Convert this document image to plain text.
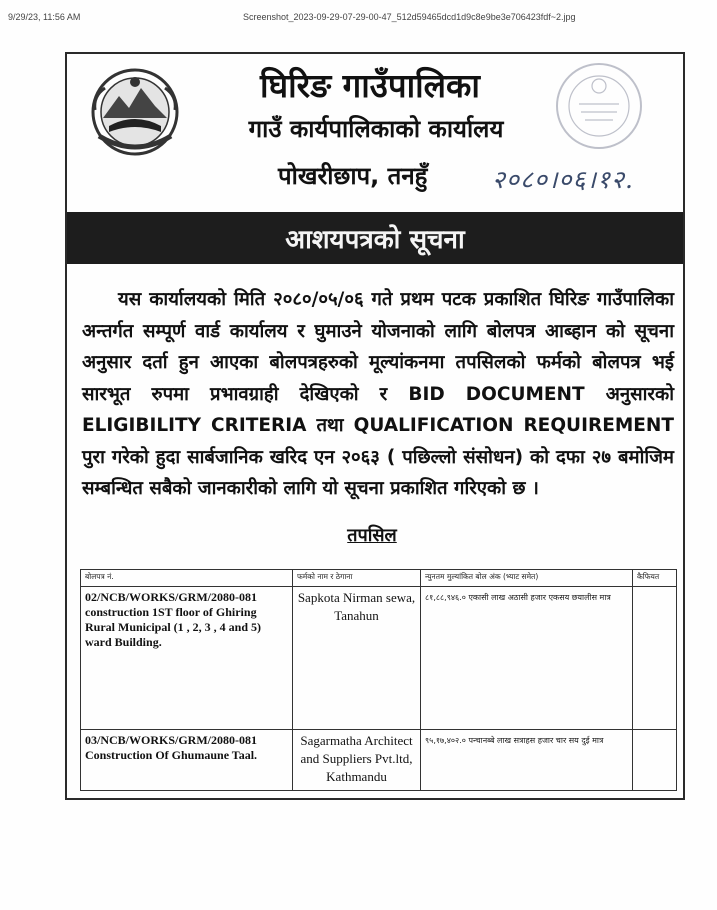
9/29/23, 11:56 AM	Screenshot_2023-09-29-07-29-00-47_512d59465dcd1d9c8e9be3e706423fdf~2.jpg
घिरिङ गाउँपालिका
गाउँ कार्यपालिकाको कार्यालय
पोखरीछाप, तनहुँ	२०८०।०६।१२.
आशयपत्रको सूचना
यस कार्यालयको मिति २०८०/०५/०६ गते प्रथम पटक प्रकाशित घिरिङ गाउँपालिका अन्तर्गत सम्पूर्ण वार्ड कार्यालय र घुमाउने योजनाको लागि बोलपत्र आब्हान को सूचना अनुसार दर्ता हुन आएका बोलपत्रहरुको मूल्यांकनमा तपसिलको फर्मको बोलपत्र भई सारभूत रुपमा प्रभावग्राही देखिएको र BID DOCUMENT अनुसारको ELIGIBILITY CRITERIA तथा QUALIFICATION REQUIREMENT पुरा गरेको हुदा सार्बजानिक खरिद एन २०६३ ( पछिल्लो संसोधन) को दफा २७ बमोजिम सम्बन्धित सबैको जानकारीको लागि यो सूचना प्रकाशित गरिएको छ ।
तपसिल
बोलपत्र नं.	फर्मको नाम र ठेगाना	न्युनतम मुल्यांकित बोल अंक (भ्याट समेत)	कैफियत

02/NCB/WORKS/GRM/2080-081
construction 1ST floor of Ghiring Rural Municipal (1 , 2, 3 , 4 and 5) ward Building.	Sapkota Nirman sewa, Tanahun	८१,८८,९४६.० एकासी लाख अठासी हजार एकसय छयालीस मात्र	

03/NCB/WORKS/GRM/2080-081
Construction Of Ghumaune Taal.	Sagarmatha Architect and Suppliers Pvt.ltd, Kathmandu	९५,१७,४०२.० पन्चानब्बे लाख सत्राहस हजार चार सय दुई मात्र	
